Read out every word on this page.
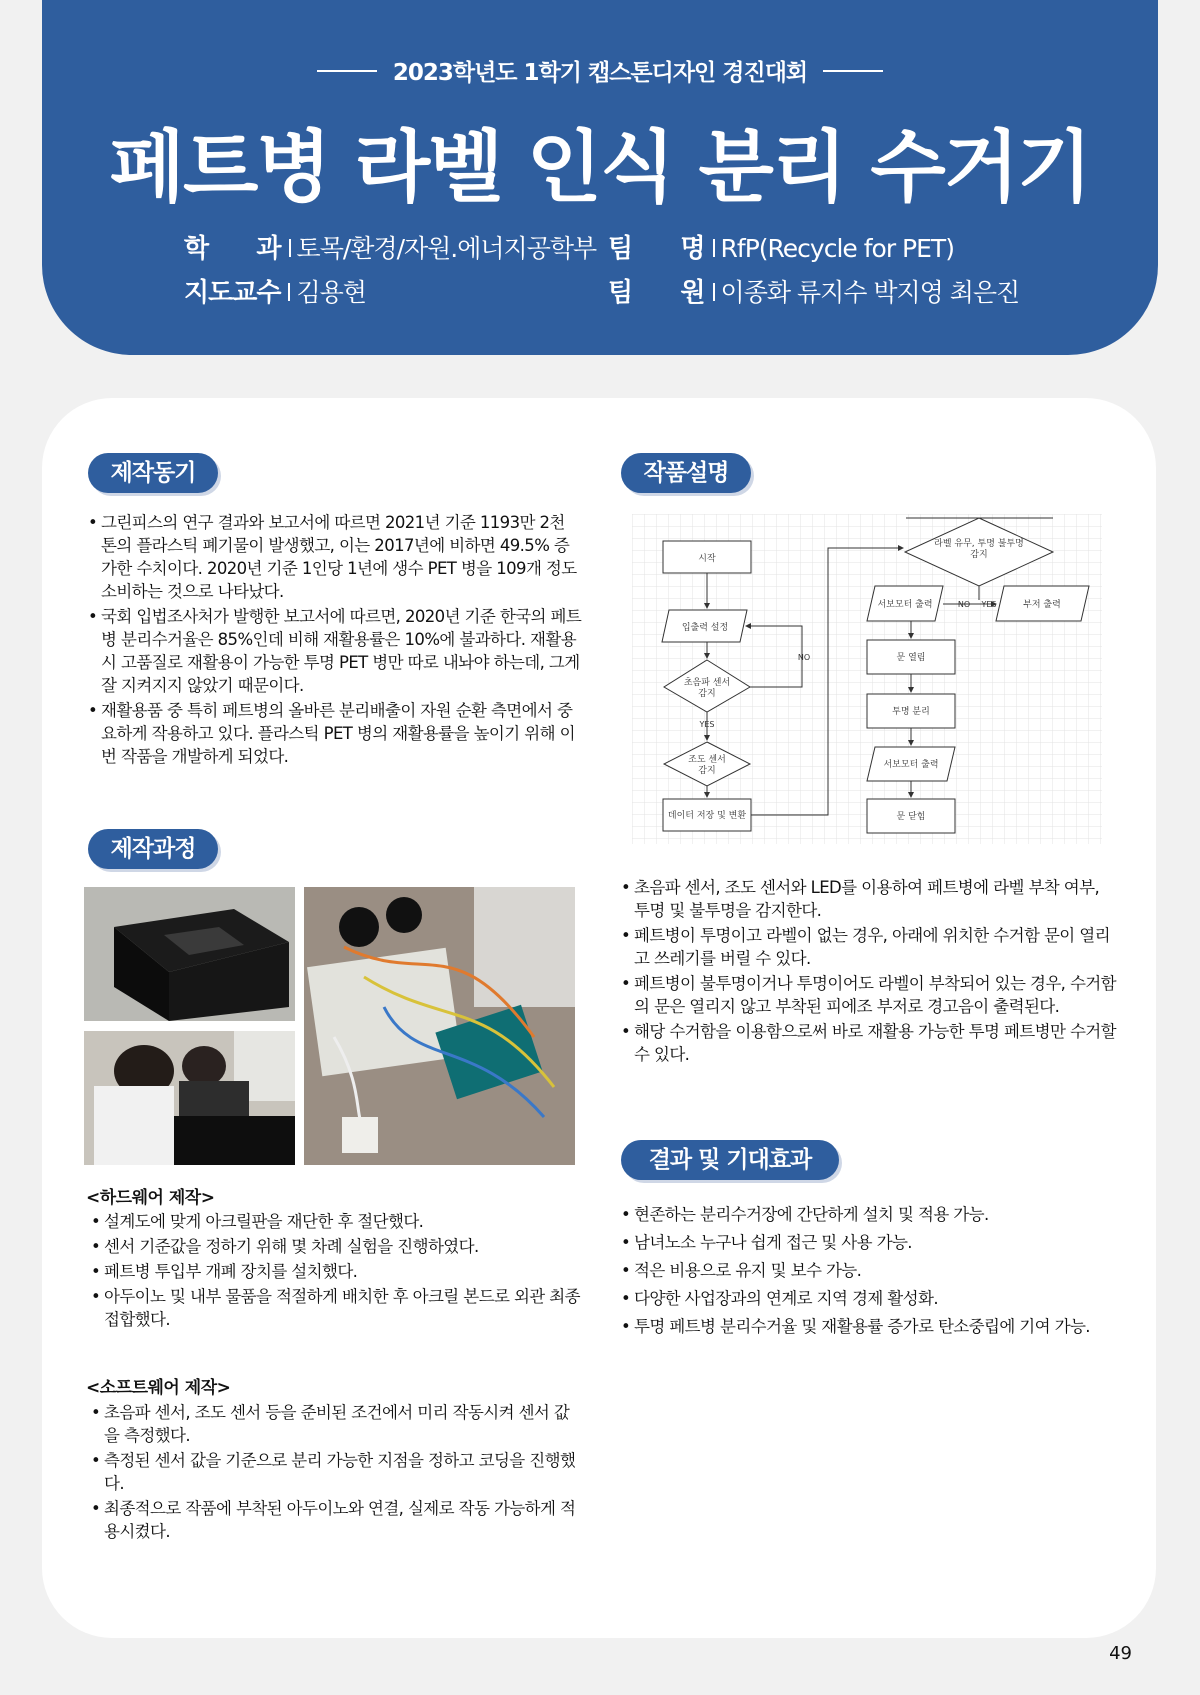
2023학년도 1학기 캡스톤디자인 경진대회
페트병 라벨 인식 분리 수거기
학      과 토목/환경/자원.에너지공학부
지도교수 김용현
팀      명 RfP(Recycle for PET)
팀      원 이종화 류지수 박지영 최은진
제작동기
• 그린피스의 연구 결과와 보고서에 따르면 2021년 기준 1193만 2천 톤의 플라스틱 폐기물이 발생했고, 이는 2017년에 비하면 49.5% 증가한 수치이다. 2020년 기준 1인당 1년에 생수 PET 병을 109개 정도 소비하는 것으로 나타났다.
• 국회 입법조사처가 발행한 보고서에 따르면, 2020년 기준 한국의 페트병 분리수거율은 85%인데 비해 재활용률은 10%에 불과하다. 재활용 시 고품질로 재활용이 가능한 투명 PET 병만 따로 내놔야 하는데, 그게 잘 지켜지지 않았기 때문이다.
• 재활용품 중 특히 페트병의 올바른 분리배출이 자원 순환 측면에서 중요하게 작용하고 있다. 플라스틱 PET 병의 재활용률을 높이기 위해 이번 작품을 개발하게 되었다.
제작과정
<하드웨어 제작>
• 설계도에 맞게 아크릴판을 재단한 후 절단했다.
• 센서 기준값을 정하기 위해 몇 차례 실험을 진행하였다.
• 페트병 투입부 개폐 장치를 설치했다.
• 아두이노 및 내부 물품을 적절하게 배치한 후 아크릴 본드로 외관 최종 접합했다.
<소프트웨어 제작>
• 초음파 센서, 조도 센서 등을 준비된 조건에서 미리 작동시켜 센서 값을 측정했다.
• 측정된 센서 값을 기준으로 분리 가능한 지점을 정하고 코딩을 진행했다.
• 최종적으로 작품에 부착된 아두이노와 연결, 실제로 작동 가능하게 적용시켰다.
작품설명
시작
입출력 설정
초음파 센서
감지
YES
NO
조도 센서
감지
데이터 저장 및 변환
라벨 유무, 투명 불투명
감지
서보모터 출력	NO YES	부저 출력
문 열림
투명 분리
서보모터 출력
문 닫힘
• 초음파 센서, 조도 센서와 LED를 이용하여 페트병에 라벨 부착 여부, 투명 및 불투명을 감지한다.
• 페트병이 투명이고 라벨이 없는 경우, 아래에 위치한 수거함 문이 열리고 쓰레기를 버릴 수 있다.
• 페트병이 불투명이거나 투명이어도 라벨이 부착되어 있는 경우, 수거함의 문은 열리지 않고 부착된 피에조 부저로 경고음이 출력된다.
• 해당 수거함을 이용함으로써 바로 재활용 가능한 투명 페트병만 수거할 수 있다.
결과 및 기대효과
• 현존하는 분리수거장에 간단하게 설치 및 적용 가능.
• 남녀노소 누구나 쉽게 접근 및 사용 가능.
• 적은 비용으로 유지 및 보수 가능.
• 다양한 사업장과의 연계로 지역 경제 활성화.
• 투명 페트병 분리수거율 및 재활용률 증가로 탄소중립에 기여 가능.
49
